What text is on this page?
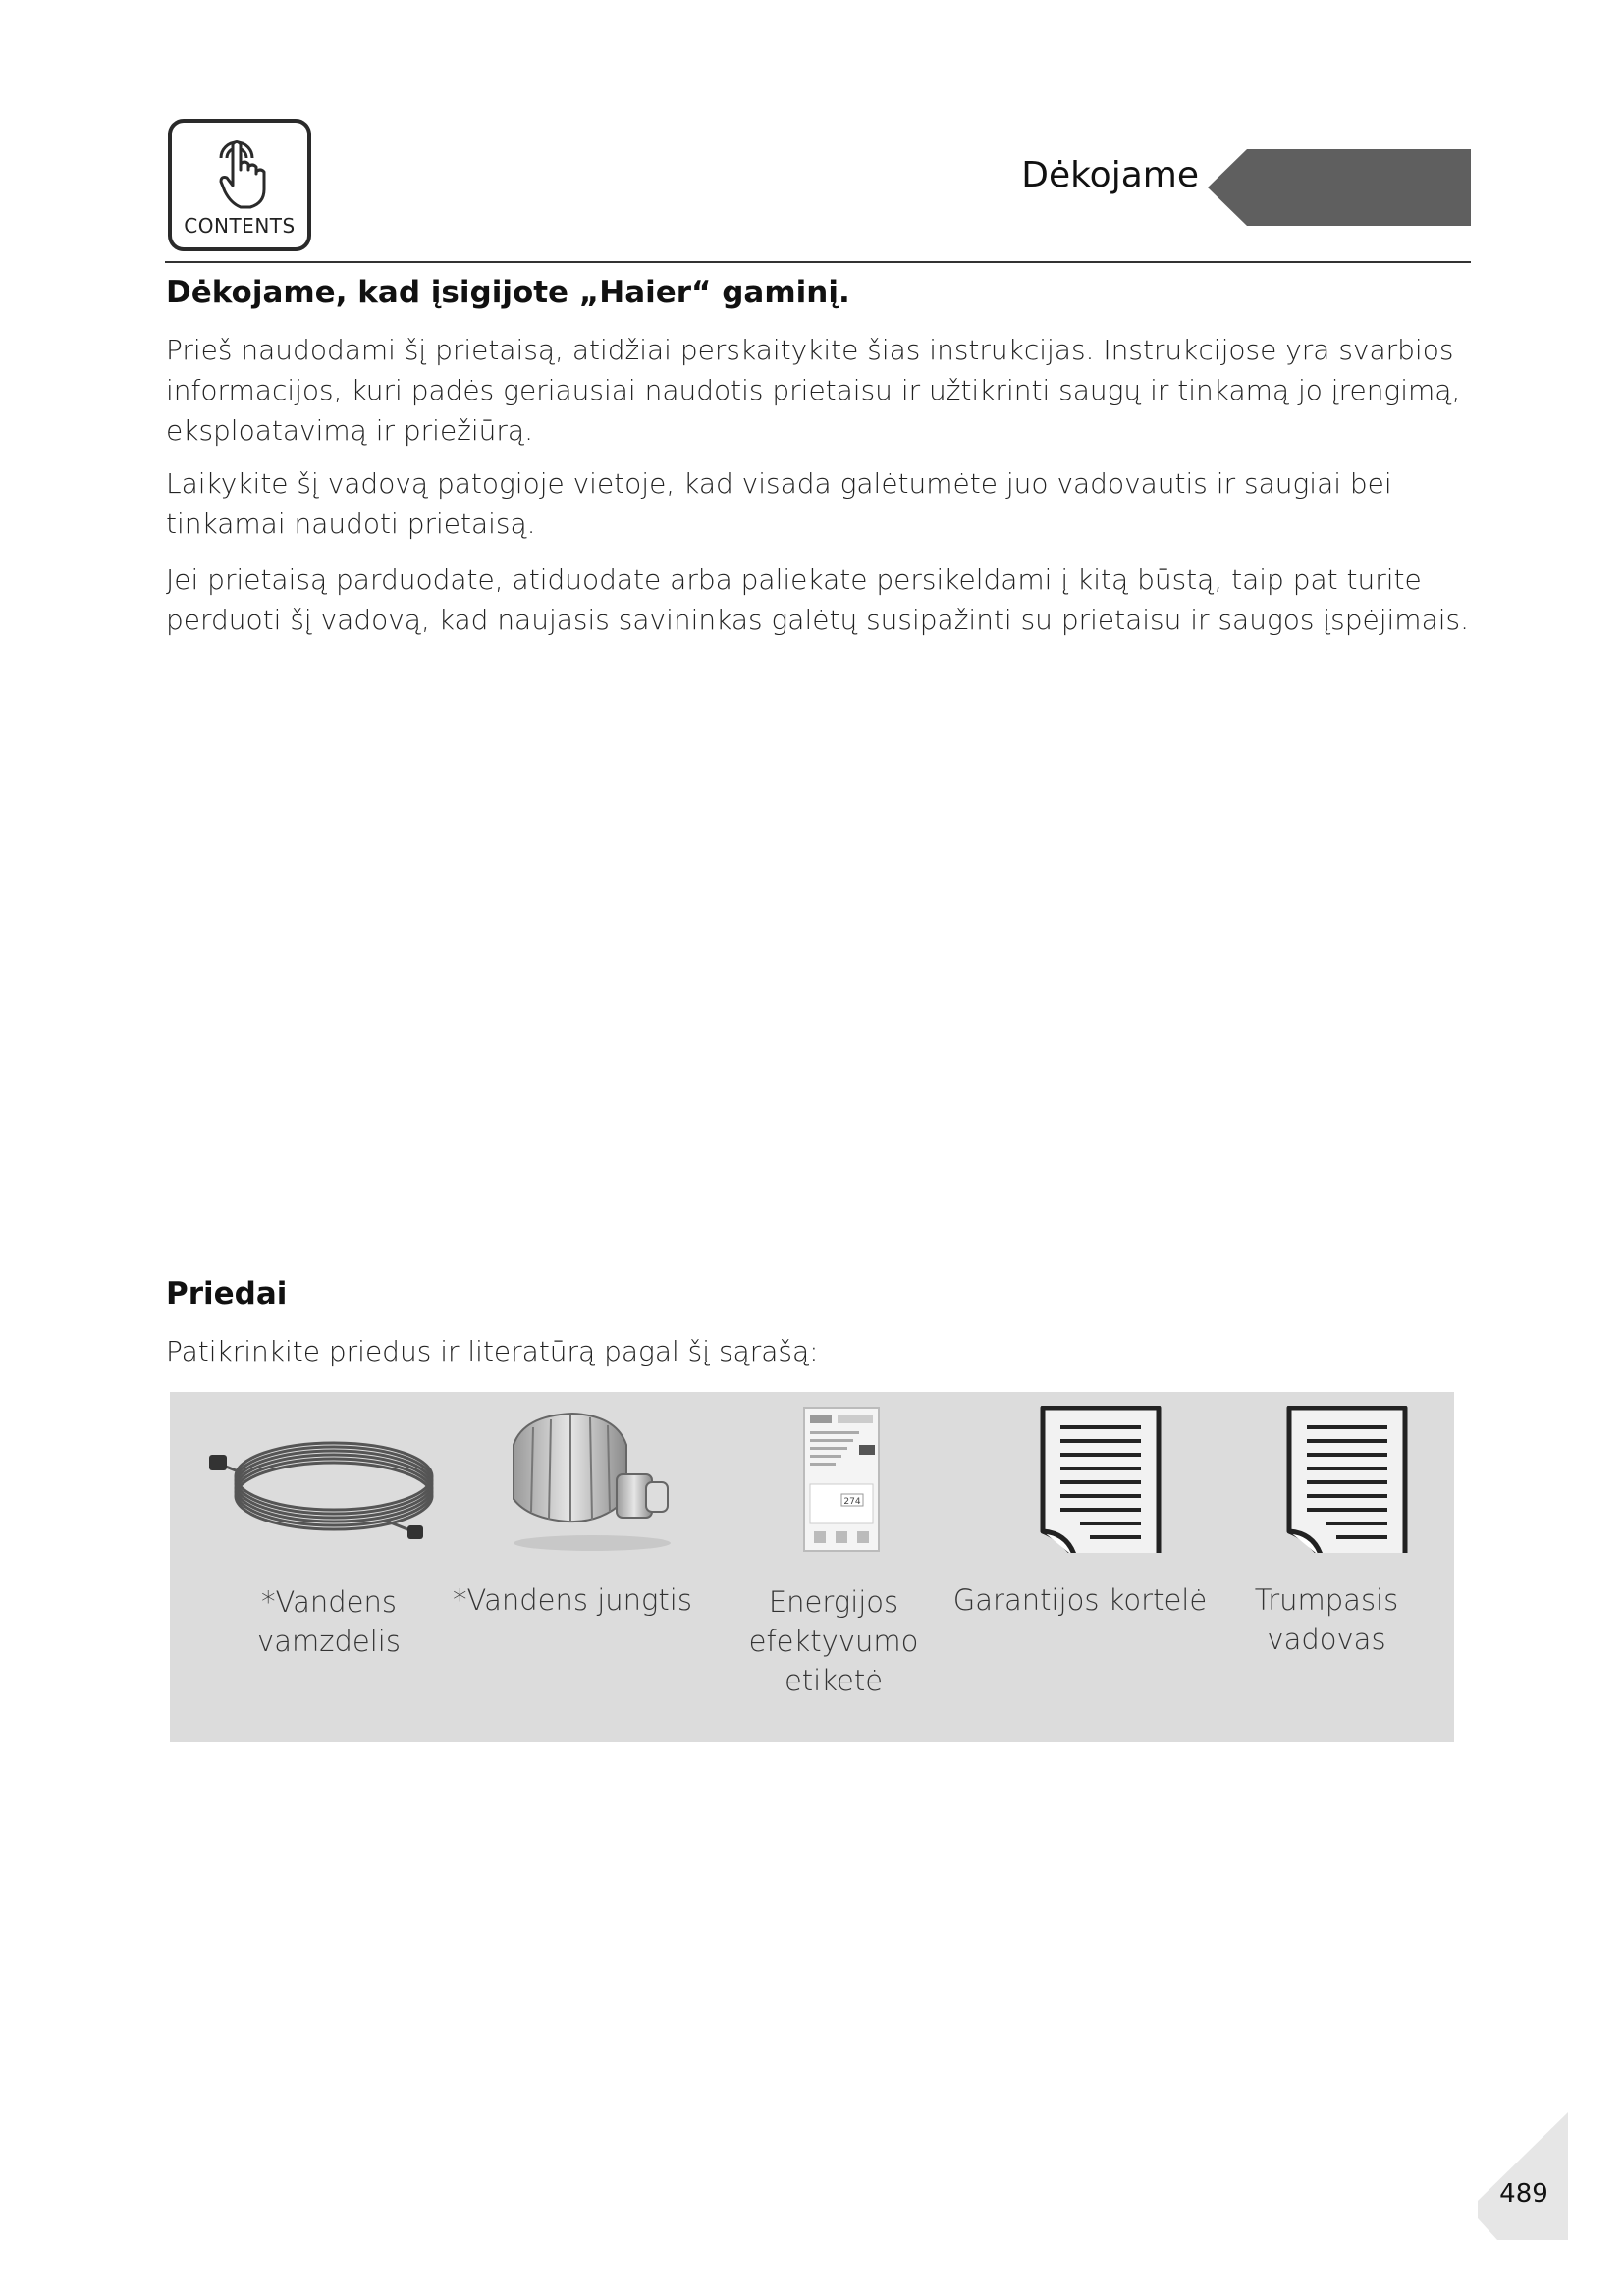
CONTENTS
Dėkojame
Dėkojame, kad įsigijote „Haier“ gaminį.

Prieš naudodami šį prietaisą, atidžiai perskaitykite šias instrukcijas. Instrukcijose yra svarbios
informacijos, kuri padės geriausiai naudotis prietaisu ir užtikrinti saugų ir tinkamą jo įrengimą,
eksploatavimą ir priežiūrą.

Laikykite šį vadovą patogioje vietoje, kad visada galėtumėte juo vadovautis ir saugiai bei
tinkamai naudoti prietaisą.

Jei prietaisą parduodate, atiduodate arba paliekate persikeldami į kitą būstą, taip pat turite
perduoti šį vadovą, kad naujasis savininkas galėtų susipažinti su prietaisu ir saugos įspėjimais.

Priedai

Patikrinkite priedus ir literatūrą pagal šį sąrašą:

*Vandens
vamzdelis
*Vandens jungtis
274
Energijos
efektyvumo
etiketė
Garantijos kortelė	Trumpasis
vadovas
489
